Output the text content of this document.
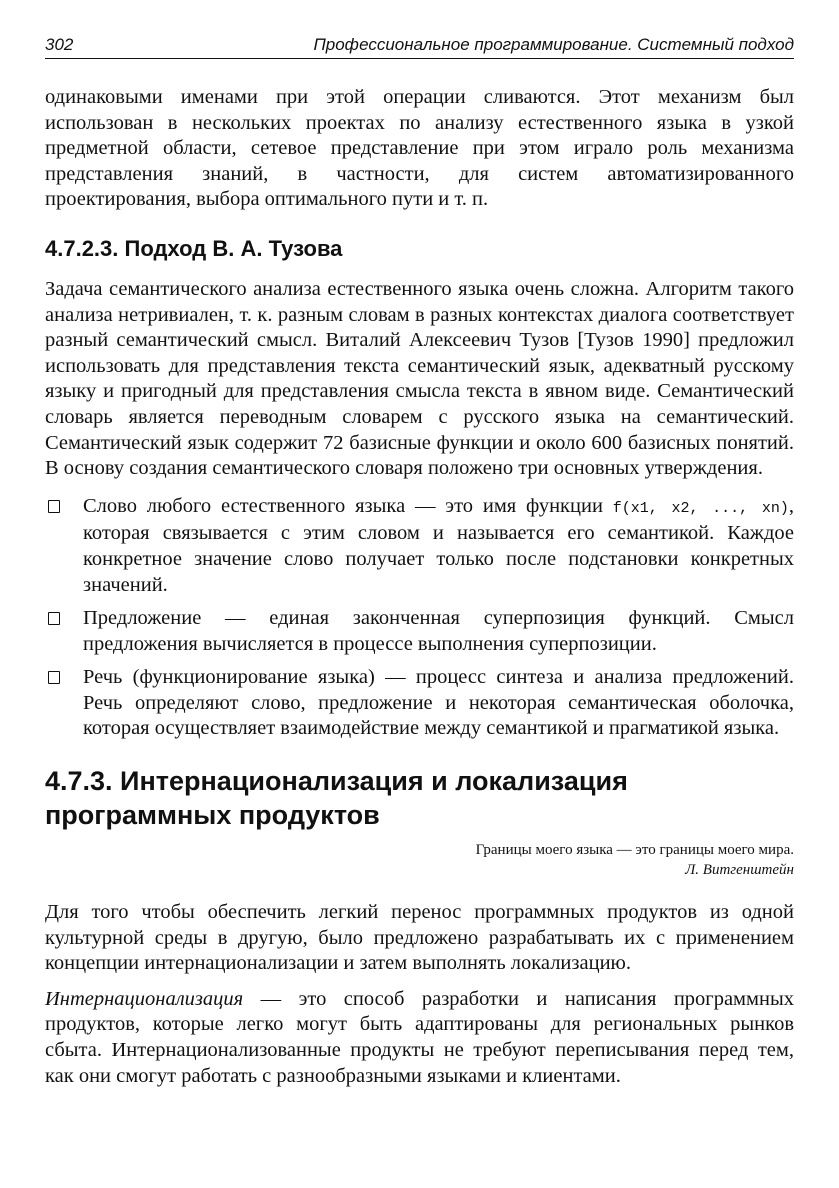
302	Профессиональное программирование. Системный подход

одинаковыми именами при этой операции сливаются. Этот механизм был использован в нескольких проектах по анализу естественного языка в узкой предметной области, сетевое представление при этом играло роль механизма представления знаний, в частности, для систем автоматизированного проектирования, выбора оптимального пути и т. п.

4.7.2.3. Подход В. А. Тузова

Задача семантического анализа естественного языка очень сложна. Алгоритм такого анализа нетривиален, т. к. разным словам в разных контекстах диалога соответствует разный семантический смысл. Виталий Алексеевич Тузов [Тузов 1990] предложил использовать для представления текста семантический язык, адекватный русскому языку и пригодный для представления смысла текста в явном виде. Семантический словарь является переводным словарем с русского языка на семантический. Семантический язык содержит 72 базисные функции и около 600 базисных понятий. В основу создания семантического словаря положено три основных утверждения.

Слово любого естественного языка — это имя функции f(x1, x2, ..., xn), которая связывается с этим словом и называется его семантикой. Каждое конкретное значение слово получает только после подстановки конкретных значений.
Предложение — единая законченная суперпозиция функций. Смысл предложения вычисляется в процессе выполнения суперпозиции.
Речь (функционирование языка) — процесс синтеза и анализа предложений. Речь определяют слово, предложение и некоторая семантическая оболочка, которая осуществляет взаимодействие между семантикой и прагматикой языка.
4.7.3. Интернационализация и локализация программных продуктов
Границы моего языка — это границы моего мира.
Л. Витгенштейн

Для того чтобы обеспечить легкий перенос программных продуктов из одной культурной среды в другую, было предложено разрабатывать их с применением концепции интернационализации и затем выполнять локализацию.

Интернационализация — это способ разработки и написания программных продуктов, которые легко могут быть адаптированы для региональных рынков сбыта. Интернационализованные продукты не требуют переписывания перед тем, как они смогут работать с разнообразными языками и клиентами.
